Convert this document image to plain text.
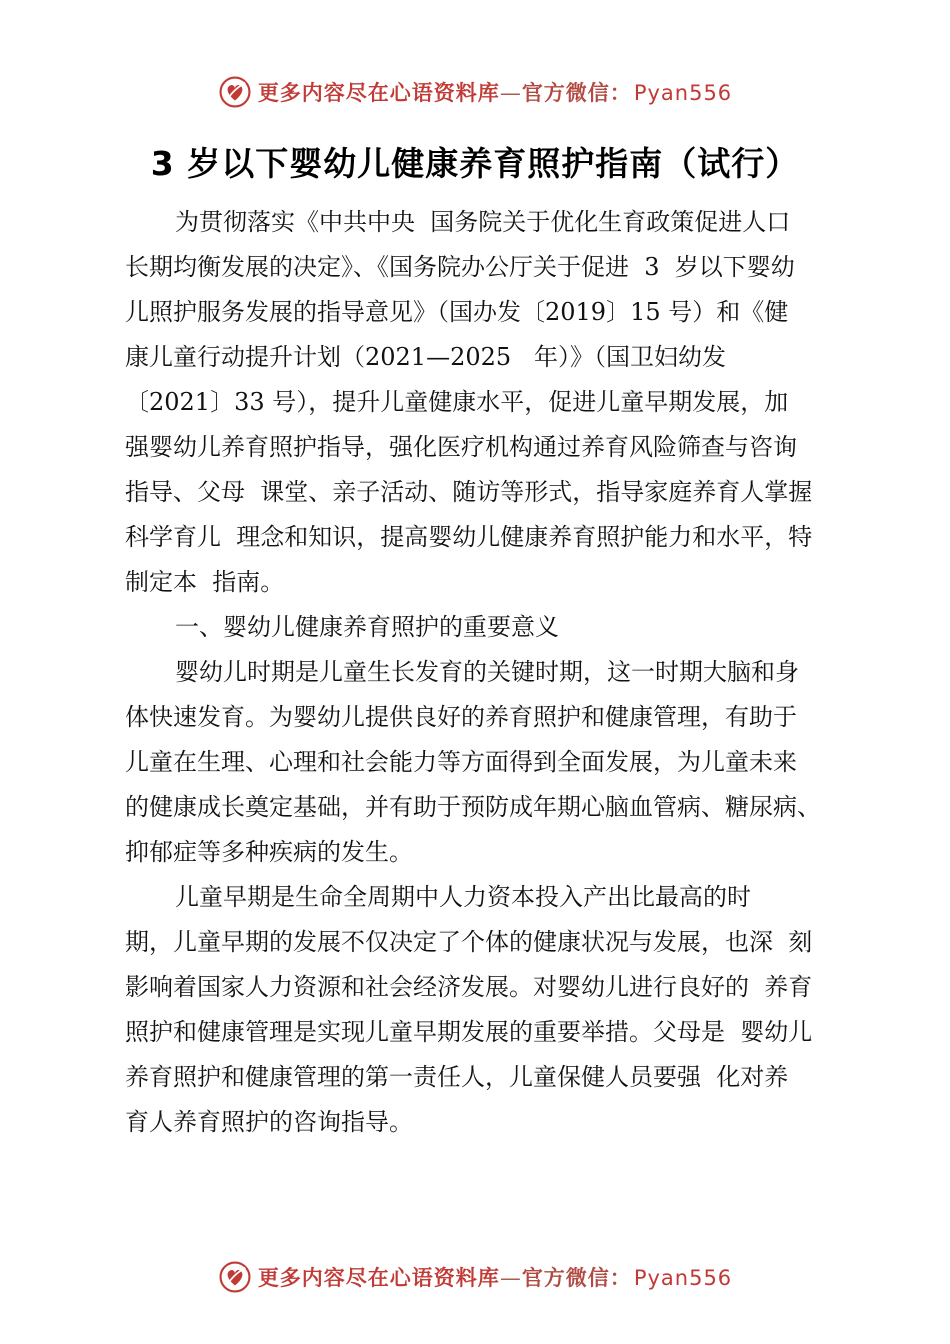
更多内容尽在心语资料库—官方微信：Pyan556
3 岁以下婴幼儿健康养育照护指南（试行）
为贯彻落实《中共中央  国务院关于优化生育政策促进人口
长期均衡发展的决定》、《国务院办公厅关于促进  3  岁以下婴幼
儿照护服务发展的指导意见》（国办发〔2019〕15 号）和《健
康儿童行动提升计划（2021—2025   年）》（国卫妇幼发
〔2021〕33 号），提升儿童健康水平，促进儿童早期发展，加
强婴幼儿养育照护指导，强化医疗机构通过养育风险筛查与咨询
指导、父母  课堂、亲子活动、随访等形式，指导家庭养育人掌握
科学育儿  理念和知识，提高婴幼儿健康养育照护能力和水平，特
制定本  指南。
一、婴幼儿健康养育照护的重要意义
婴幼儿时期是儿童生长发育的关键时期，这一时期大脑和身
体快速发育。为婴幼儿提供良好的养育照护和健康管理，有助于
儿童在生理、心理和社会能力等方面得到全面发展，为儿童未来
的健康成长奠定基础，并有助于预防成年期心脑血管病、糖尿病、
抑郁症等多种疾病的发生。
儿童早期是生命全周期中人力资本投入产出比最高的时
期，儿童早期的发展不仅决定了个体的健康状况与发展，也深  刻
影响着国家人力资源和社会经济发展。对婴幼儿进行良好的  养育
照护和健康管理是实现儿童早期发展的重要举措。父母是  婴幼儿
养育照护和健康管理的第一责任人，儿童保健人员要强  化对养
育人养育照护的咨询指导。
更多内容尽在心语资料库—官方微信：Pyan556
